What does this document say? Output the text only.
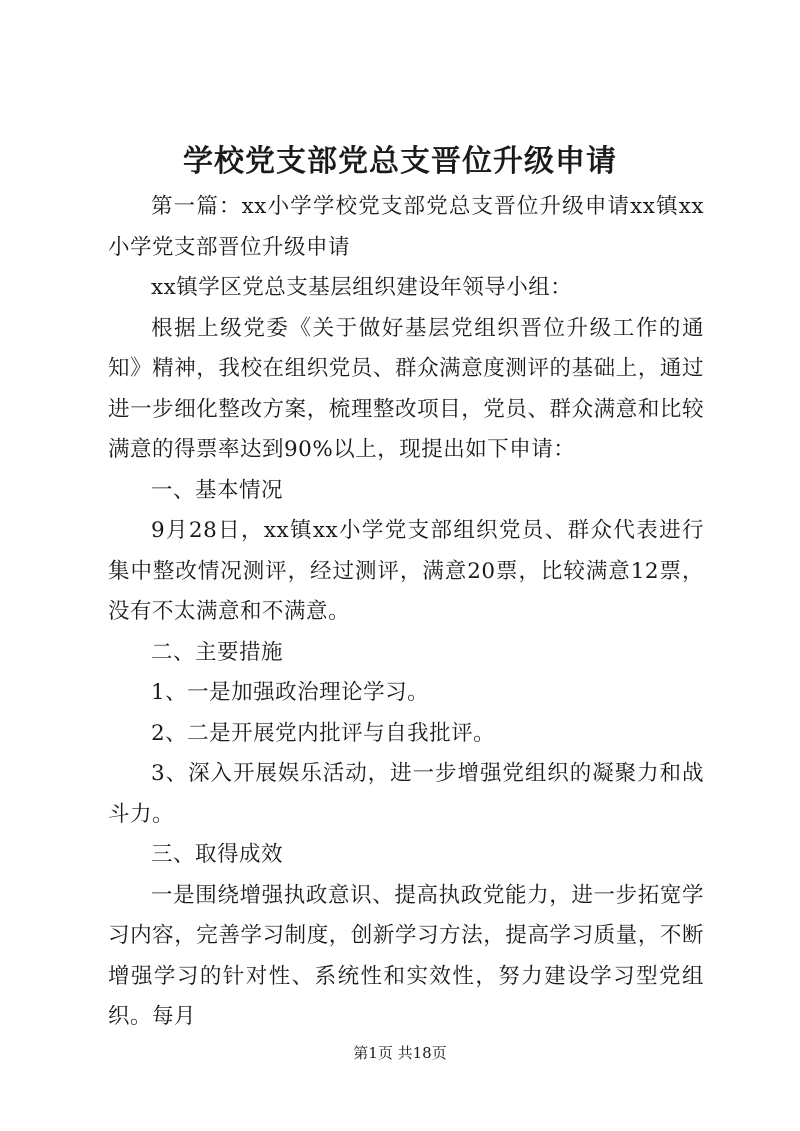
学校党支部党总支晋位升级申请

第一篇：xx小学学校党支部党总支晋位升级申请xx镇xx小学党支部晋位升级申请

xx镇学区党总支基层组织建设年领导小组：

根据上级党委《关于做好基层党组织晋位升级工作的通知》精神，我校在组织党员、群众满意度测评的基础上，通过进一步细化整改方案，梳理整改项目，党员、群众满意和比较满意的得票率达到90%以上，现提出如下申请：

一、基本情况

9月28日，xx镇xx小学党支部组织党员、群众代表进行集中整改情况测评，经过测评，满意20票，比较满意12票，没有不太满意和不满意。

二、主要措施

1、一是加强政治理论学习。

2、二是开展党内批评与自我批评。

3、深入开展娱乐活动，进一步增强党组织的凝聚力和战斗力。

三、取得成效

一是围绕增强执政意识、提高执政党能力，进一步拓宽学习内容，完善学习制度，创新学习方法，提高学习质量，不断增强学习的针对性、系统性和实效性，努力建设学习型党组织。每月

第1页 共18页
